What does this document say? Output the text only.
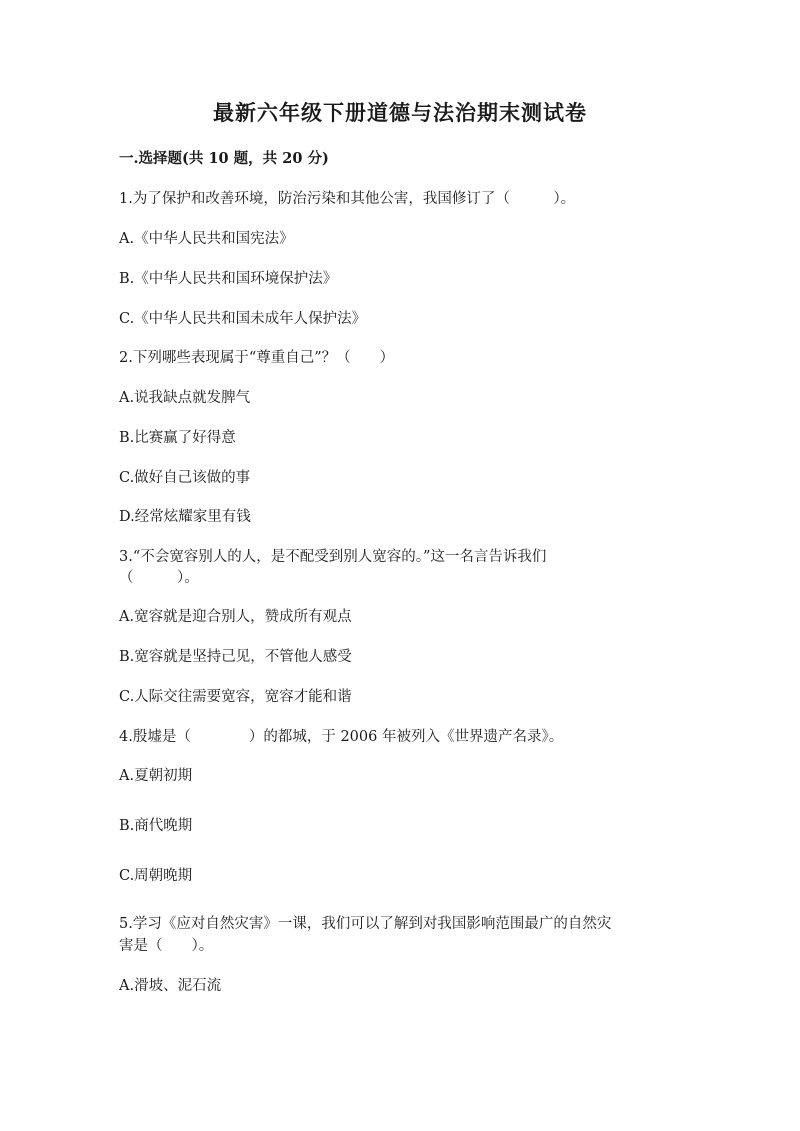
最新六年级下册道德与法治期末测试卷
一.选择题(共 10 题，共 20 分)
1.为了保护和改善环境，防治污染和其他公害，我国修订了（　　　）。
A.《中华人民共和国宪法》
B.《中华人民共和国环境保护法》
C.《中华人民共和国未成年人保护法》
2.下列哪些表现属于“尊重自己”？（　　）
A.说我缺点就发脾气
B.比赛赢了好得意
C.做好自己该做的事
D.经常炫耀家里有钱
3.“不会宽容别人的人，是不配受到别人宽容的。”这一名言告诉我们
（　　　）。
A.宽容就是迎合别人，赞成所有观点
B.宽容就是坚持己见，不管他人感受
C.人际交往需要宽容，宽容才能和谐
4.殷墟是（　　　　）的都城，于 2006 年被列入《世界遗产名录》。
A.夏朝初期
B.商代晚期
C.周朝晚期
5.学习《应对自然灾害》一课，我们可以了解到对我国影响范围最广的自然灾
害是（　　）。
A.滑坡、泥石流
